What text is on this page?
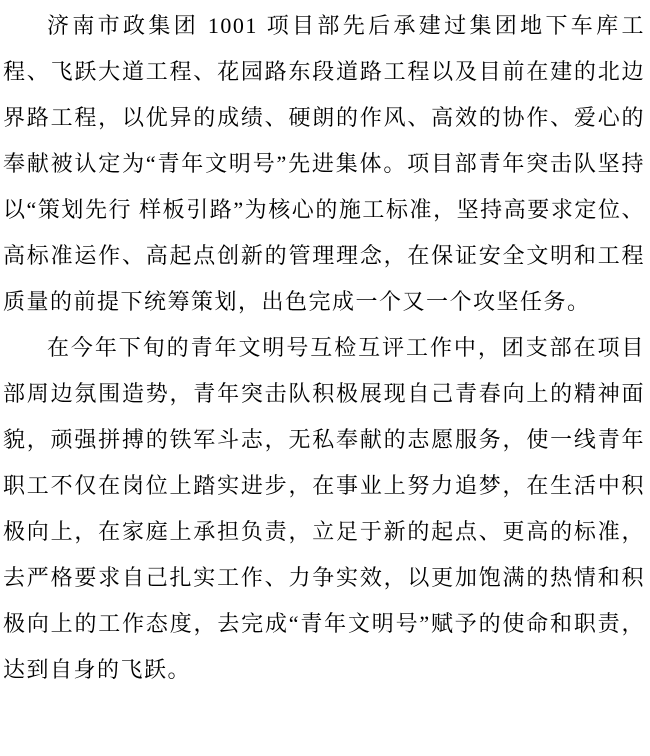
济南市政集团 1001 项目部先后承建过集团地下车库工程、飞跃大道工程、花园路东段道路工程以及目前在建的北边界路工程，以优异的成绩、硬朗的作风、高效的协作、爱心的奉献被认定为“青年文明号”先进集体。项目部青年突击队坚持以“策划先行 样板引路”为核心的施工标准，坚持高要求定位、高标准运作、高起点创新的管理理念，在保证安全文明和工程质量的前提下统筹策划，出色完成一个又一个攻坚任务。

在今年下旬的青年文明号互检互评工作中，团支部在项目部周边氛围造势，青年突击队积极展现自己青春向上的精神面貌，顽强拼搏的铁军斗志，无私奉献的志愿服务，使一线青年职工不仅在岗位上踏实进步，在事业上努力追梦，在生活中积极向上，在家庭上承担负责，立足于新的起点、更高的标准，去严格要求自己扎实工作、力争实效，以更加饱满的热情和积极向上的工作态度，去完成“青年文明号”赋予的使命和职责，达到自身的飞跃。
